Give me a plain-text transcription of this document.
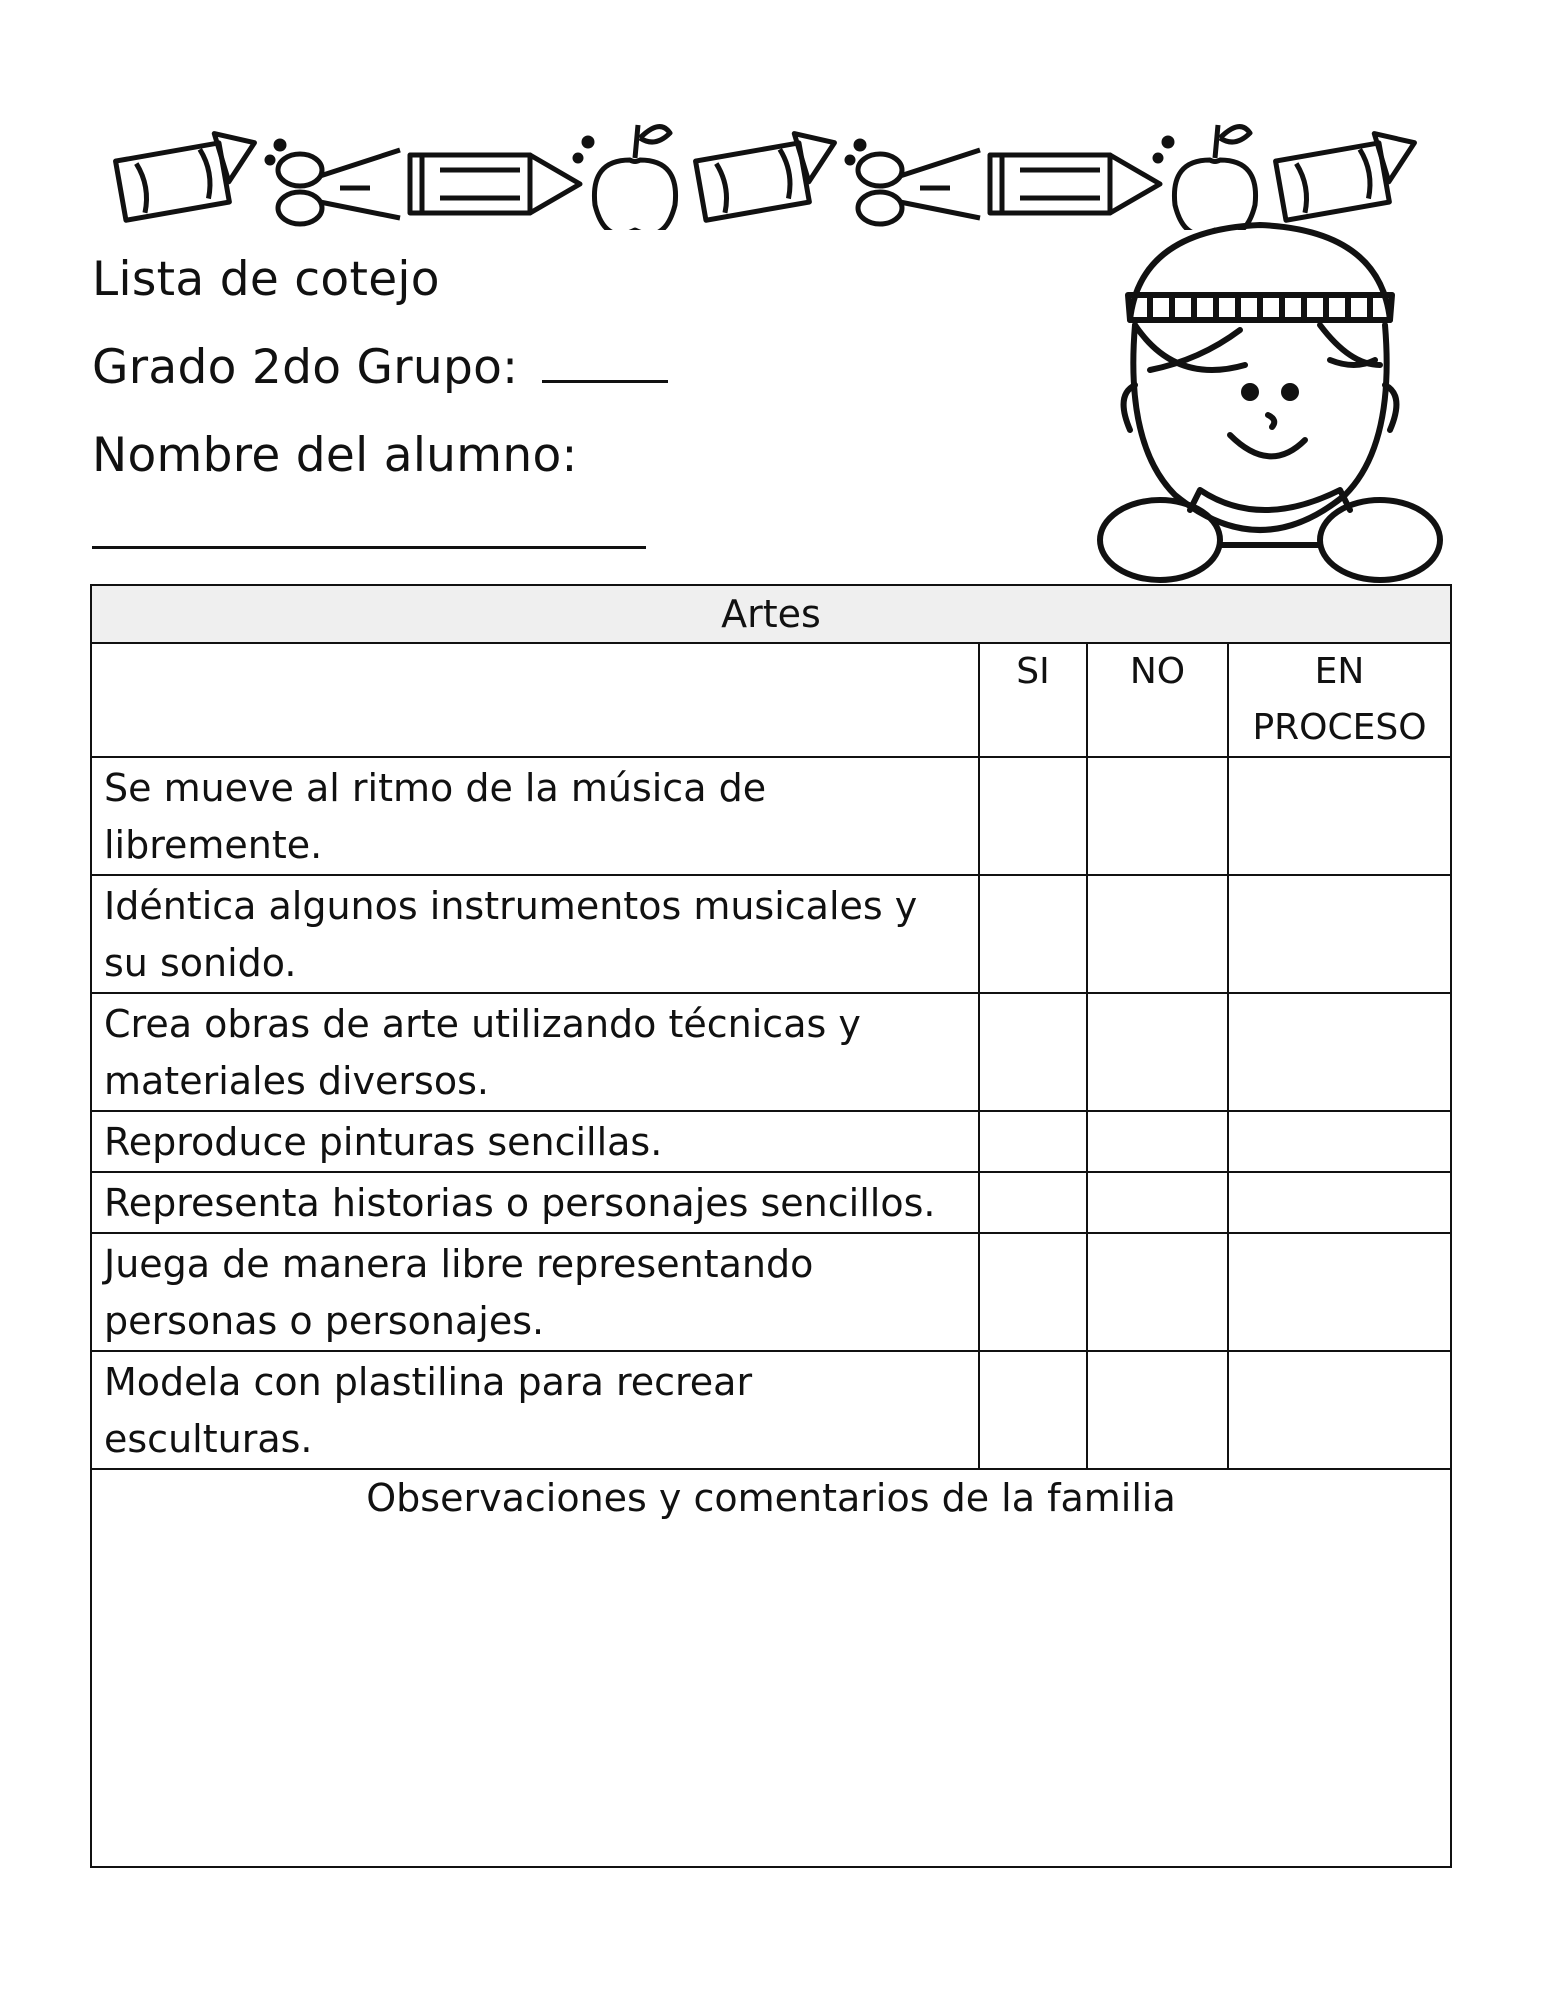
Lista de cotejo
Grado 2do Grupo:
Nombre del alumno:
Artes			
	SI	NO	EN
PROCESO

Se mueve al ritmo de la música de libremente.			

Idéntica algunos instrumentos musicales y su sonido.			

Crea obras de arte utilizando técnicas y materiales diversos.			

Reproduce pinturas sencillas.			

Representa historias o personajes sencillos.			

Juega de manera libre representando personas o personajes.			

Modela con plastilina para recrear esculturas.			

Observaciones y comentarios de la familia			
